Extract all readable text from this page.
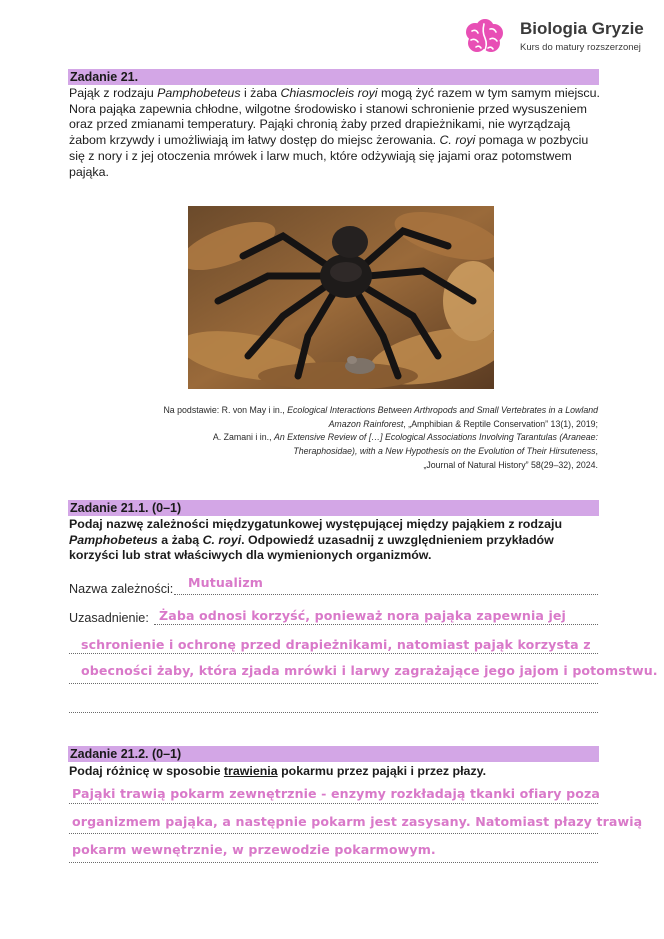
Biologia Gryzie
Kurs do matury rozszerzonej
Zadanie 21.
Pająk z rodzaju Pamphobeteus i żaba Chiasmocleis royi mogą żyć razem w tym samym miejscu. Nora pająka zapewnia chłodne, wilgotne środowisko i stanowi schronienie przed wysuszeniem oraz przed zmianami temperatury. Pająki chronią żaby przed drapieżnikami, nie wyrządzają żabom krzywdy i umożliwiają im łatwy dostęp do miejsc żerowania. C. royi pomaga w pozbyciu się z nory i z jej otoczenia mrówek i larw much, które odżywiają się jajami oraz potomstwem pająka.
Na podstawie: R. von May i in., Ecological Interactions Between Arthropods and Small Vertebrates in a Lowland
Amazon Rainforest, „Amphibian & Reptile Conservation” 13(1), 2019;
A. Zamani i in., An Extensive Review of […] Ecological Associations Involving Tarantulas (Araneae:
Theraphosidae), with a New Hypothesis on the Evolution of Their Hirsuteness,
„Journal of Natural History” 58(29–32), 2024.
Zadanie 21.1. (0–1)
Podaj nazwę zależności międzygatunkowej występującej między pająkiem z rodzaju Pamphobeteus a żabą C. royi. Odpowiedź uzasadnij z uwzględnieniem przykładów korzyści lub strat właściwych dla wymienionych organizmów.
Nazwa zależności: Mutualizm
Uzasadnienie: Żaba odnosi korzyść, ponieważ nora pająka zapewnia jej
schronienie i ochronę przed drapieżnikami, natomiast pająk korzysta z
obecności żaby, która zjada mrówki i larwy zagrażające jego jajom i potomstwu.
Zadanie 21.2. (0–1)
Podaj różnicę w sposobie trawienia pokarmu przez pająki i przez płazy.
Pająki trawią pokarm zewnętrznie - enzymy rozkładają tkanki ofiary poza
organizmem pająka, a następnie pokarm jest zasysany. Natomiast płazy trawią
pokarm wewnętrznie, w przewodzie pokarmowym.
